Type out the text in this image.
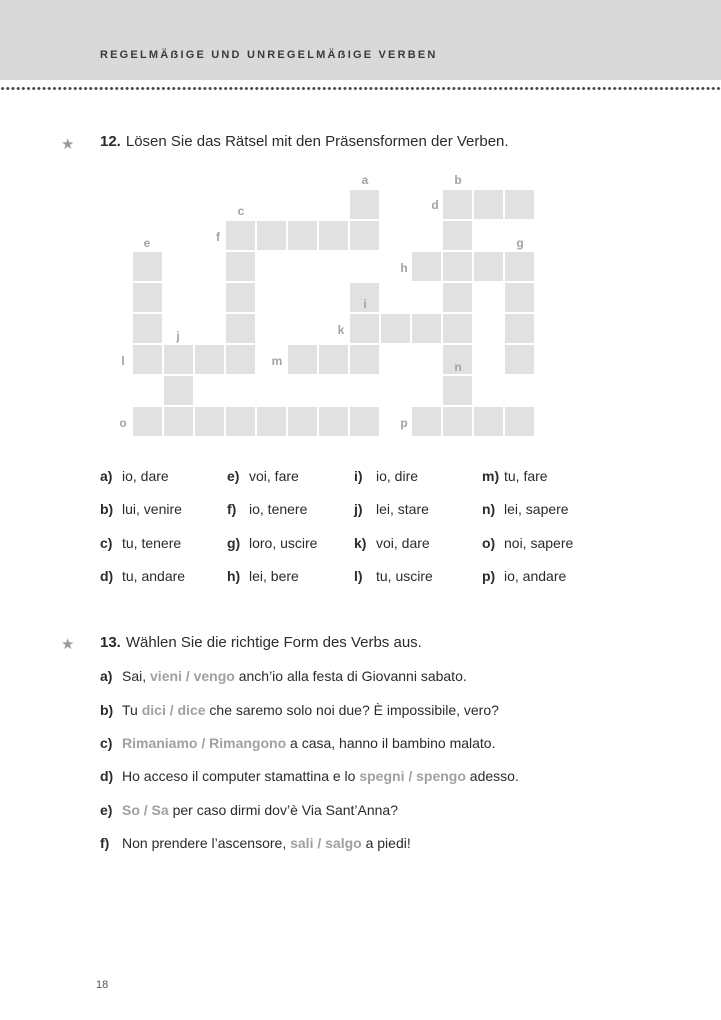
REGELMÄẞIGE UND UNREGELMÄẞIGE VERBEN
★ 12. Lösen Sie das Rätsel mit den Präsensformen der Verben.
a	b
c	d
e	f	g
h
i
j	k
l	m	n
o	p
a) io, dare
b) lui, venire
c) tu, tenere
d) tu, andare
e) voi, fare
f) io, tenere
g) loro, uscire
h) lei, bere
i) io, dire
j) lei, stare
k) voi, dare
l) tu, uscire
m) tu, fare
n) lei, sapere
o) noi, sapere
p) io, andare
★ 13. Wählen Sie die richtige Form des Verbs aus.
a) Sai, vieni / vengo anch’io alla festa di Giovanni sabato.
b) Tu dici / dice che saremo solo noi due? È impossibile, vero?
c) Rimaniamo / Rimangono a casa, hanno il bambino malato.
d) Ho acceso il computer stamattina e lo spegni / spengo adesso.
e) So / Sa per caso dirmi dov’è Via Sant’Anna?
f) Non prendere l’ascensore, sali / salgo a piedi!
18
